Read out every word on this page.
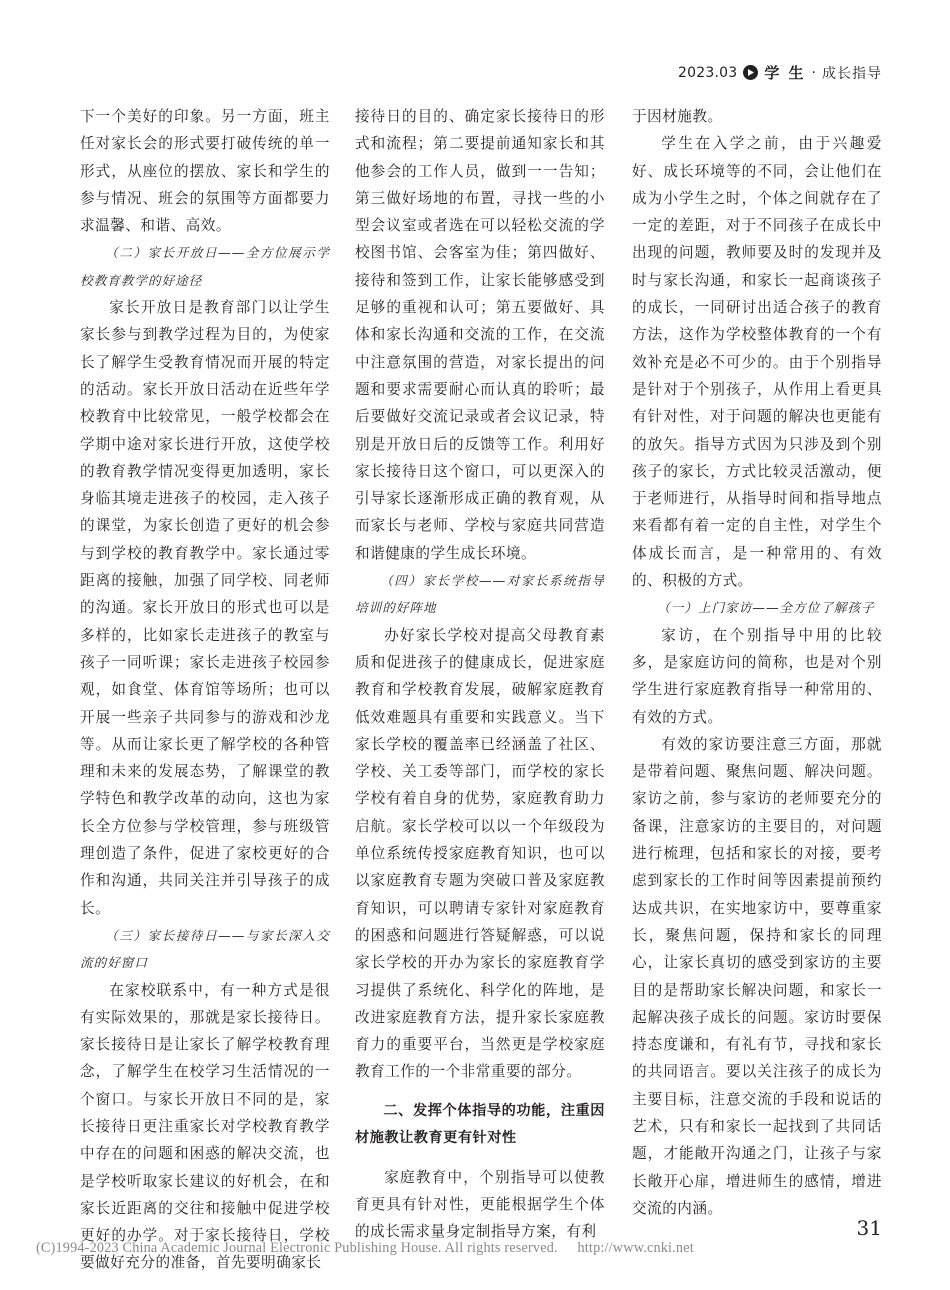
2023.03 学 生 · 成长指导

下一个美好的印象。另一方面，班主任对家长会的形式要打破传统的单一形式，从座位的摆放、家长和学生的参与情况、班会的氛围等方面都要力求温馨、和谐、高效。

（二）家长开放日——全方位展示学校教育教学的好途径

家长开放日是教育部门以让学生家长参与到教学过程为目的，为使家长了解学生受教育情况而开展的特定的活动。家长开放日活动在近些年学校教育中比较常见，一般学校都会在学期中途对家长进行开放，这使学校的教育教学情况变得更加透明，家长身临其境走进孩子的校园，走入孩子的课堂，为家长创造了更好的机会参与到学校的教育教学中。家长通过零距离的接触，加强了同学校、同老师的沟通。家长开放日的形式也可以是多样的，比如家长走进孩子的教室与孩子一同听课；家长走进孩子校园参观，如食堂、体育馆等场所；也可以开展一些亲子共同参与的游戏和沙龙等。从而让家长更了解学校的各种管理和未来的发展态势，了解课堂的教学特色和教学改革的动向，这也为家长全方位参与学校管理，参与班级管理创造了条件，促进了家校更好的合作和沟通，共同关注并引导孩子的成长。

（三）家长接待日——与家长深入交流的好窗口

在家校联系中，有一种方式是很有实际效果的，那就是家长接待日。家长接待日是让家长了解学校教育理念，了解学生在校学习生活情况的一个窗口。与家长开放日不同的是，家长接待日更注重家长对学校教育教学中存在的问题和困惑的解决交流，也是学校听取家长建议的好机会，在和家长近距离的交往和接触中促进学校更好的办学。对于家长接待日，学校要做好充分的准备，首先要明确家长

接待日的目的、确定家长接待日的形式和流程；第二要提前通知家长和其他参会的工作人员，做到一一告知；第三做好场地的布置，寻找一些的小型会议室或者选在可以轻松交流的学校图书馆、会客室为佳；第四做好、接待和签到工作，让家长能够感受到足够的重视和认可；第五要做好、具体和家长沟通和交流的工作，在交流中注意氛围的营造，对家长提出的问题和要求需要耐心而认真的聆听；最后要做好交流记录或者会议记录，特别是开放日后的反馈等工作。利用好家长接待日这个窗口，可以更深入的引导家长逐渐形成正确的教育观，从而家长与老师、学校与家庭共同营造和谐健康的学生成长环境。

（四）家长学校——对家长系统指导培训的好阵地

办好家长学校对提高父母教育素质和促进孩子的健康成长，促进家庭教育和学校教育发展，破解家庭教育低效难题具有重要和实践意义。当下家长学校的覆盖率已经涵盖了社区、学校、关工委等部门，而学校的家长学校有着自身的优势，家庭教育助力启航。家长学校可以以一个年级段为单位系统传授家庭教育知识，也可以以家庭教育专题为突破口普及家庭教育知识，可以聘请专家针对家庭教育的困惑和问题进行答疑解惑，可以说家长学校的开办为家长的家庭教育学习提供了系统化、科学化的阵地，是改进家庭教育方法，提升家长家庭教育力的重要平台，当然更是学校家庭教育工作的一个非常重要的部分。

二、发挥个体指导的功能，注重因材施教让教育更有针对性

家庭教育中，个别指导可以使教育更具有针对性，更能根据学生个体的成长需求量身定制指导方案，有利

于因材施教。

学生在入学之前，由于兴趣爱好、成长环境等的不同，会让他们在成为小学生之时，个体之间就存在了一定的差距，对于不同孩子在成长中出现的问题，教师要及时的发现并及时与家长沟通，和家长一起商谈孩子的成长，一同研讨出适合孩子的教育方法，这作为学校整体教育的一个有效补充是必不可少的。由于个别指导是针对于个别孩子，从作用上看更具有针对性，对于问题的解决也更能有的放矢。指导方式因为只涉及到个别孩子的家长，方式比较灵活激动，便于老师进行，从指导时间和指导地点来看都有着一定的自主性，对学生个体成长而言，是一种常用的、有效的、积极的方式。

（一）上门家访——全方位了解孩子

家访，在个别指导中用的比较多，是家庭访问的简称，也是对个别学生进行家庭教育指导一种常用的、有效的方式。

有效的家访要注意三方面，那就是带着问题、聚焦问题、解决问题。家访之前，参与家访的老师要充分的备课，注意家访的主要目的，对问题进行梳理，包括和家长的对接，要考虑到家长的工作时间等因素提前预约达成共识，在实地家访中，要尊重家长，聚焦问题，保持和家长的同理心，让家长真切的感受到家访的主要目的是帮助家长解决问题，和家长一起解决孩子成长的问题。家访时要保持态度谦和，有礼有节，寻找和家长的共同语言。要以关注孩子的成长为主要目标，注意交流的手段和说话的艺术，只有和家长一起找到了共同话题，才能敞开沟通之门，让孩子与家长敞开心扉，增进师生的感情，增进交流的内涵。

31
(C)1994-2023 China Academic Journal Electronic Publishing House. All rights reserved. http://www.cnki.net
